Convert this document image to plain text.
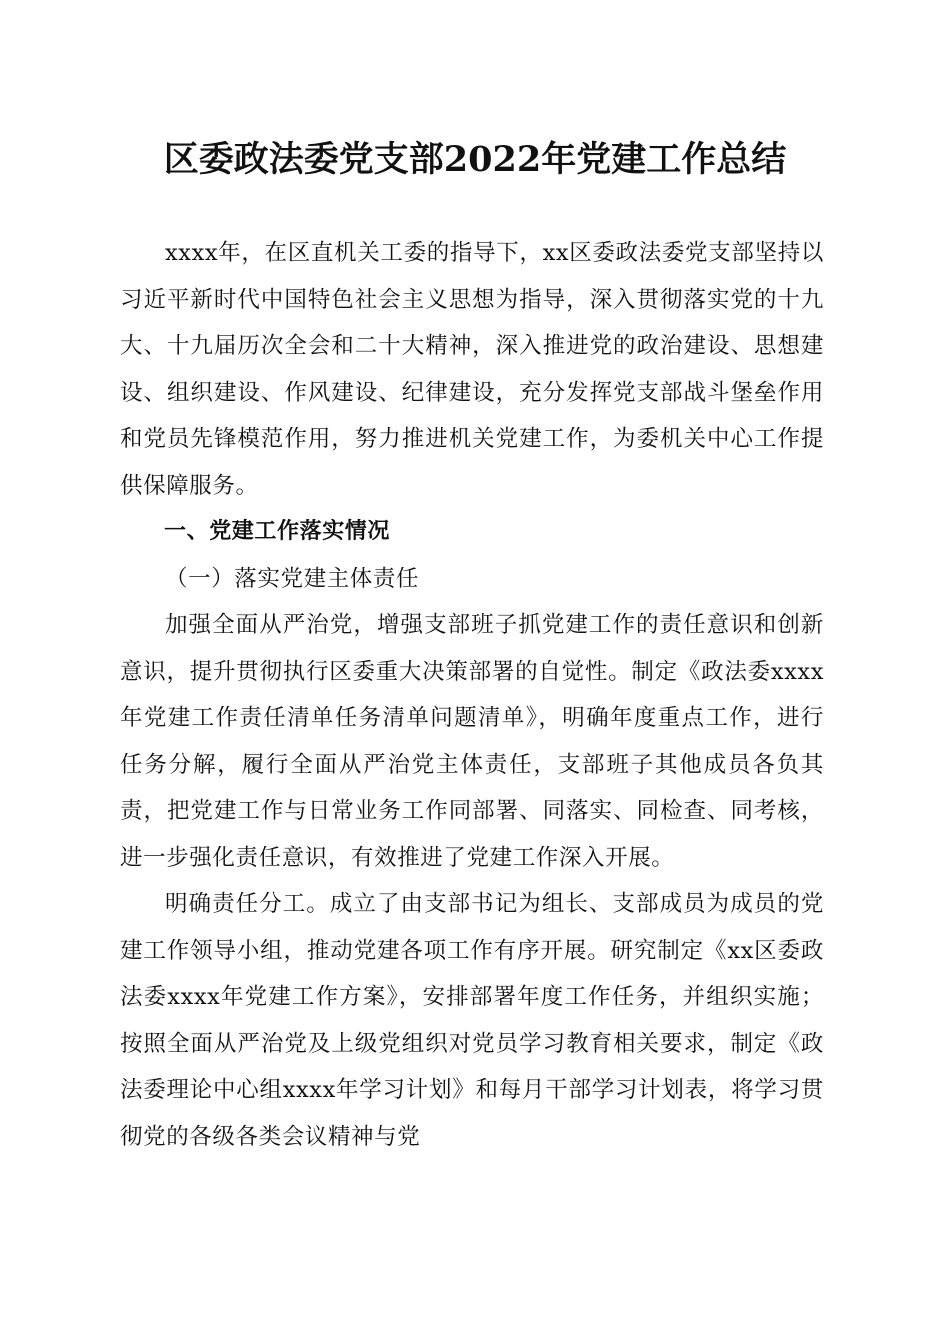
区委政法委党支部2022年党建工作总结

xxxx年，在区直机关工委的指导下，xx区委政法委党支部坚持以习近平新时代中国特色社会主义思想为指导，深入贯彻落实党的十九大、十九届历次全会和二十大精神，深入推进党的政治建设、思想建设、组织建设、作风建设、纪律建设，充分发挥党支部战斗堡垒作用和党员先锋模范作用，努力推进机关党建工作，为委机关中心工作提供保障服务。

一、党建工作落实情况

（一）落实党建主体责任

加强全面从严治党，增强支部班子抓党建工作的责任意识和创新意识，提升贯彻执行区委重大决策部署的自觉性。制定《政法委xxxx年党建工作责任清单任务清单问题清单》，明确年度重点工作，进行任务分解，履行全面从严治党主体责任，支部班子其他成员各负其责，把党建工作与日常业务工作同部署、同落实、同检查、同考核，进一步强化责任意识，有效推进了党建工作深入开展。

明确责任分工。成立了由支部书记为组长、支部成员为成员的党建工作领导小组，推动党建各项工作有序开展。研究制定《xx区委政法委xxxx年党建工作方案》，安排部署年度工作任务，并组织实施；按照全面从严治党及上级党组织对党员学习教育相关要求，制定《政法委理论中心组xxxx年学习计划》和每月干部学习计划表，将学习贯彻党的各级各类会议精神与党
